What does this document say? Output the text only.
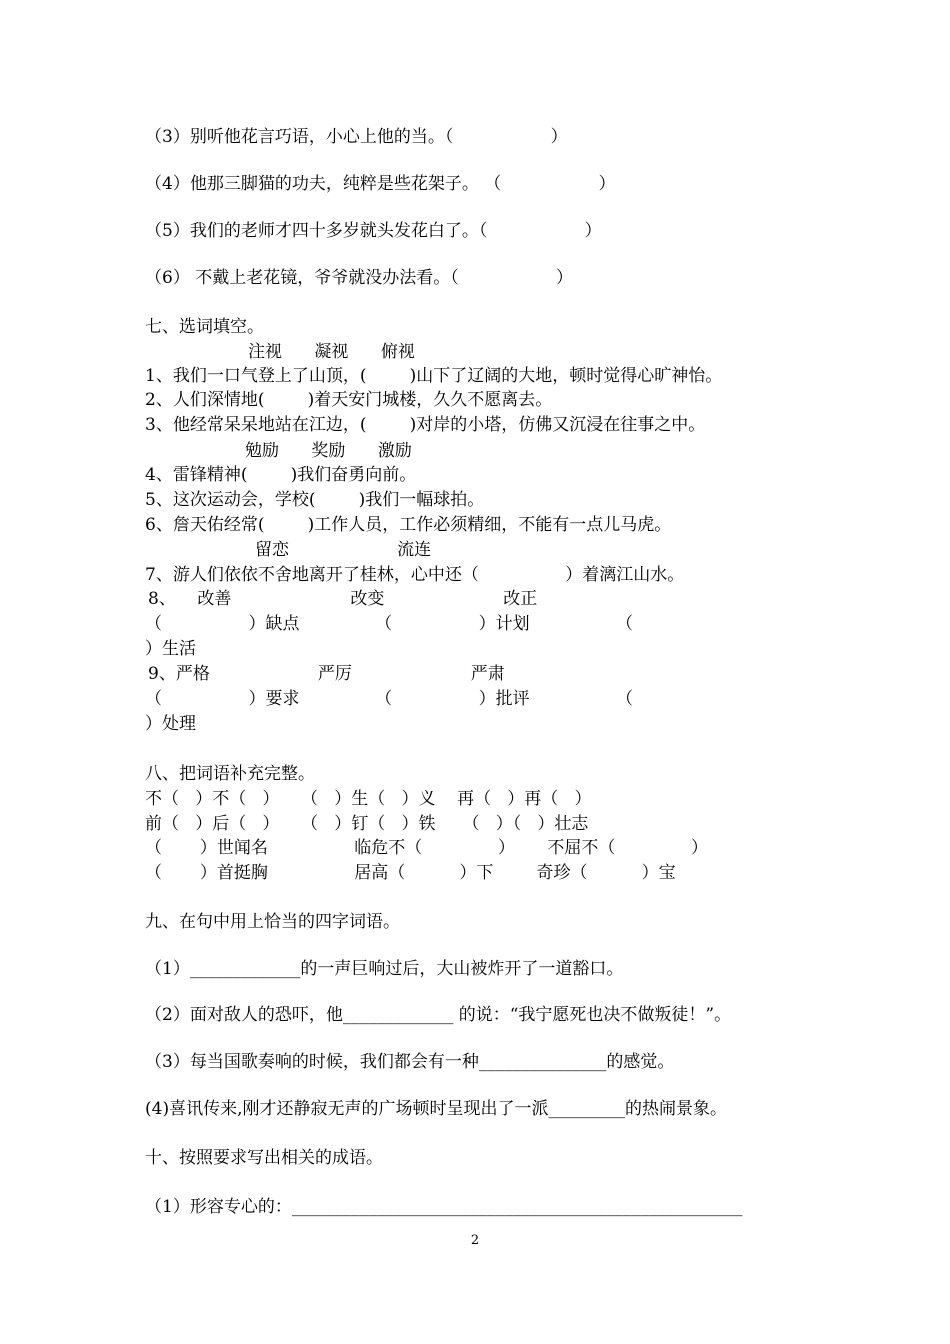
（3）别听他花言巧语，小心上他的当。（                  ）
（4）他那三脚猫的功夫，纯粹是些花架子。 （                  ）
（5）我们的老师才四十多岁就头发花白了。（                  ）
（6） 不戴上老花镜，爷爷就没办法看。（                  ）
七、选词填空。
注视      凝视      俯视
1、我们一口气登上了山顶，(        )山下了辽阔的大地，顿时觉得心旷神怡。
2、人们深情地(        )着天安门城楼，久久不愿离去。
3、他经常呆呆地站在江边，(        )对岸的小塔，仿佛又沉浸在往事之中。
勉励      奖励      激励
4、雷锋精神(        )我们奋勇向前。
5、这次运动会，学校(        )我们一幅球拍。
6、詹天佑经常(        )工作人员，工作必须精细，不能有一点儿马虎。
留恋                    流连
7、游人们依依不舍地离开了桂林，心中还（                ）着漓江山水。
8、    改善                      改变                      改正
（                ）缺点              （                ）计划                （
）生活
9、严格                    严厉                      严肃
（                ）要求              （                ）批评                （
）处理
八、把词语补充完整。
不（   ）不（   ）    （   ）生（   ）义    再（   ）再（   ）
前（   ）后（   ）    （   ）钉（   ）铁     （   ）（   ）壮志
（       ）世闻名                临危不（              ）      不屈不（              ）
（       ）首挺胸                居高（          ）下        奇珍（          ）宝
九、在句中用上恰当的四字词语。
（1）_____________的一声巨响过后，大山被炸开了一道豁口。
（2）面对敌人的恐吓，他_____________ 的说：“我宁愿死也决不做叛徒！”。
（3）每当国歌奏响的时候，我们都会有一种_______________的感觉。
(4)喜讯传来,刚才还静寂无声的广场顿时呈现出了一派_________的热闹景象。
十、按照要求写出相关的成语。
（1）形容专心的：_____________________________________________________
2
